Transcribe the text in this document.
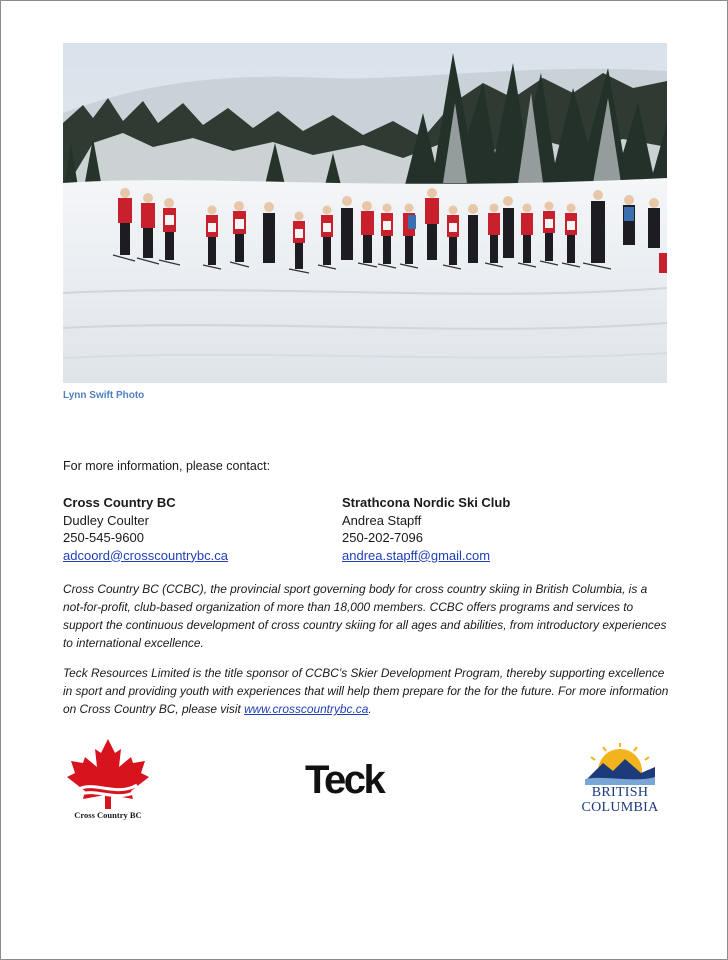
Lynn Swift Photo
For more information, please contact:
Cross Country BC
Dudley Coulter
250-545-9600
adcoord@crosscountrybc.ca
Strathcona Nordic Ski Club
Andrea Stapff
250-202-7096
andrea.stapff@gmail.com

Cross Country BC (CCBC), the provincial sport governing body for cross country skiing in British Columbia, is a not-for-profit, club-based organization of more than 18,000 members. CCBC offers programs and services to support the continuous development of cross country skiing for all ages and abilities, from introductory experiences to international excellence.

Teck Resources Limited is the title sponsor of CCBC’s Skier Development Program, thereby supporting excellence in sport and providing youth with experiences that will help them prepare for the for the future. For more information on Cross Country BC, please visit www.crosscountrybc.ca.

Cross Country BC
Teck	BRITISH
COLUMBIA
